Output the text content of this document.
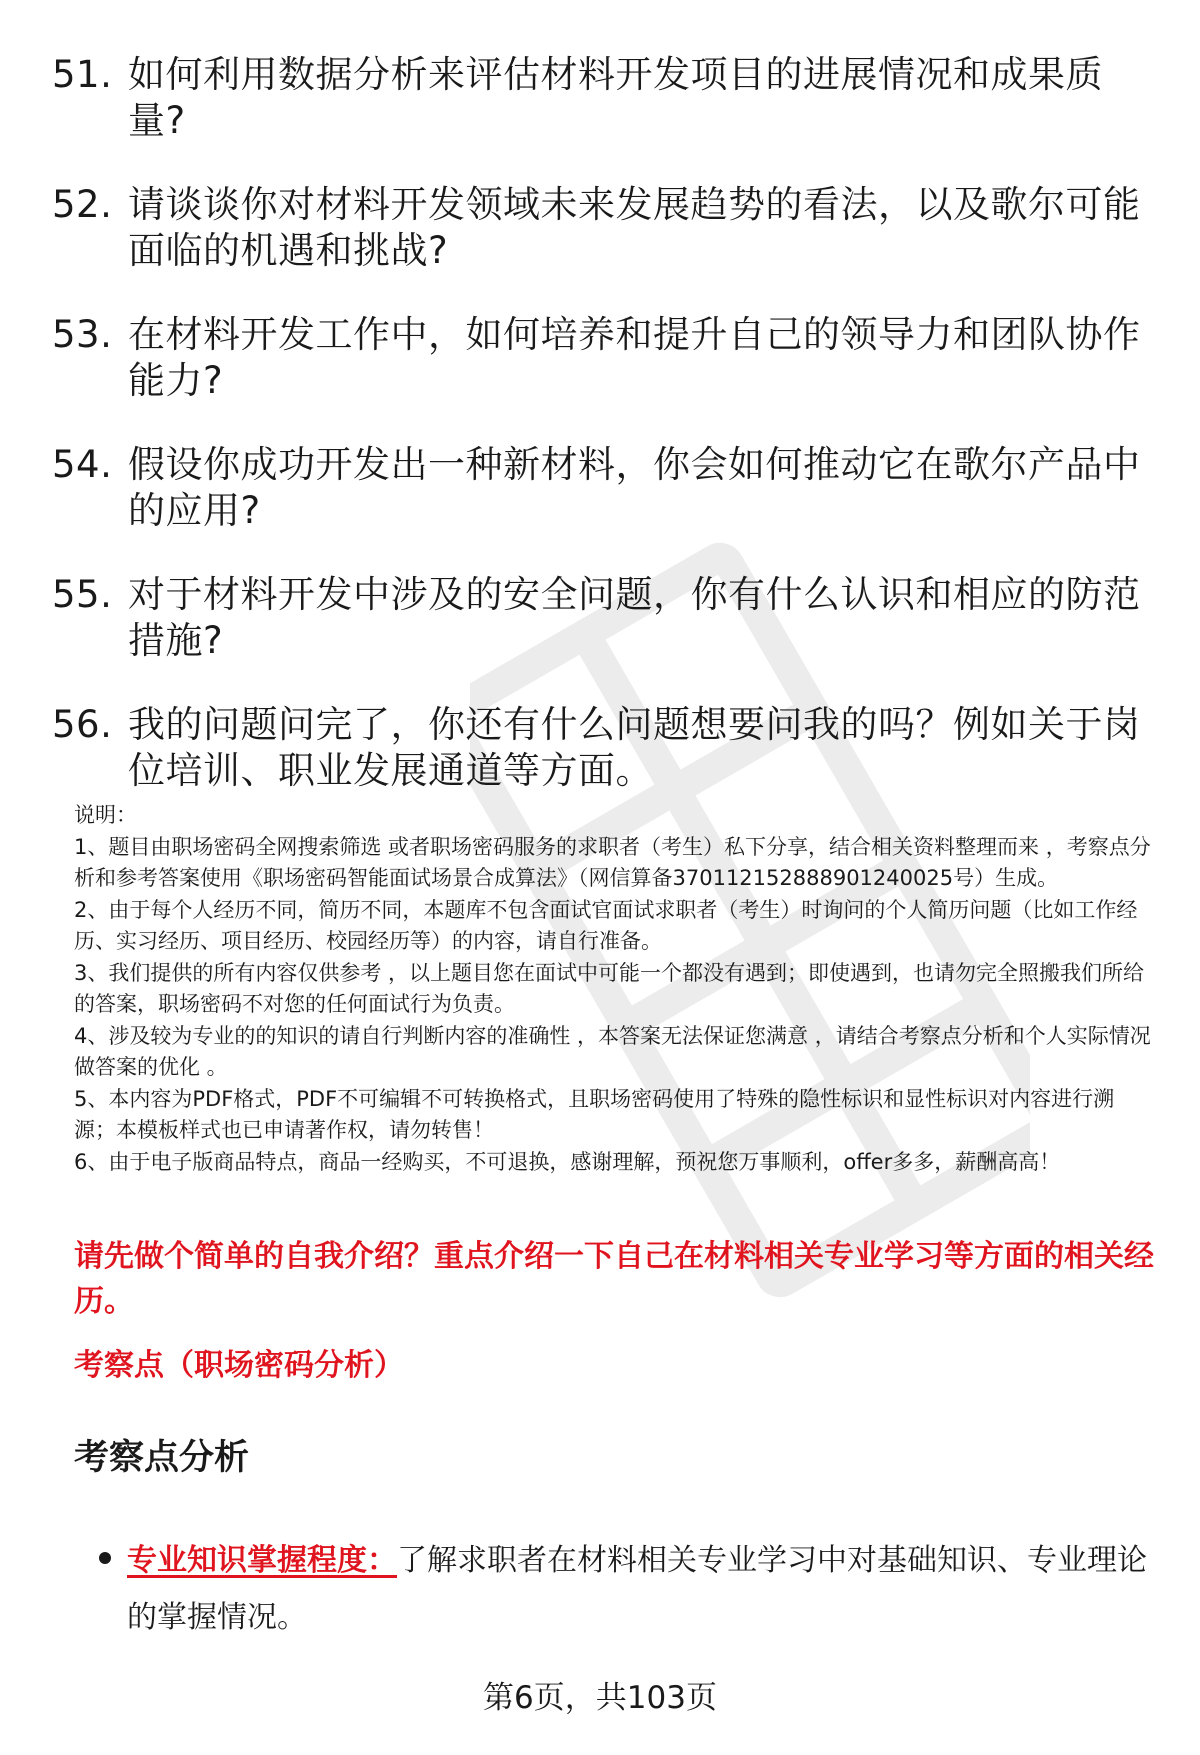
51. 如何利用数据分析来评估材料开发项目的进展情况和成果质量?
52. 请谈谈你对材料开发领域未来发展趋势的看法，以及歌尔可能面临的机遇和挑战?
53. 在材料开发工作中，如何培养和提升自己的领导力和团队协作能力?
54. 假设你成功开发出一种新材料，你会如何推动它在歌尔产品中的应用?
55. 对于材料开发中涉及的安全问题，你有什么认识和相应的防范措施?
56. 我的问题问完了，你还有什么问题想要问我的吗？例如关于岗位培训、职业发展通道等方面。

说明：

1、题目由职场密码全网搜索筛选 或者职场密码服务的求职者（考生）私下分享，结合相关资料整理而来 ，考察点分析和参考答案使用《职场密码智能面试场景合成算法》（网信算备370112152888901240025号）生成。

2、由于每个人经历不同，简历不同，本题库不包含面试官面试求职者（考生）时询问的个人简历问题（比如工作经历、实习经历、项目经历、校园经历等）的内容，请自行准备。

3、我们提供的所有内容仅供参考 ，以上题目您在面试中可能一个都没有遇到；即使遇到，也请勿完全照搬我们所给的答案，职场密码不对您的任何面试行为负责。

4、涉及较为专业的的知识的请自行判断内容的准确性 ，本答案无法保证您满意 ，请结合考察点分析和个人实际情况做答案的优化 。

5、本内容为PDF格式，PDF不可编辑不可转换格式，且职场密码使用了特殊的隐性标识和显性标识对内容进行溯源；本模板样式也已申请著作权，请勿转售！

6、由于电子版商品特点，商品一经购买，不可退换，感谢理解，预祝您万事顺利，offer多多，薪酬高高！

请先做个简单的自我介绍？重点介绍一下自己在材料相关专业学习等方面的相关经历。
考察点（职场密码分析）
考察点分析
专业知识掌握程度：了解求职者在材料相关专业学习中对基础知识、专业理论的掌握情况。
第6页，共103页
